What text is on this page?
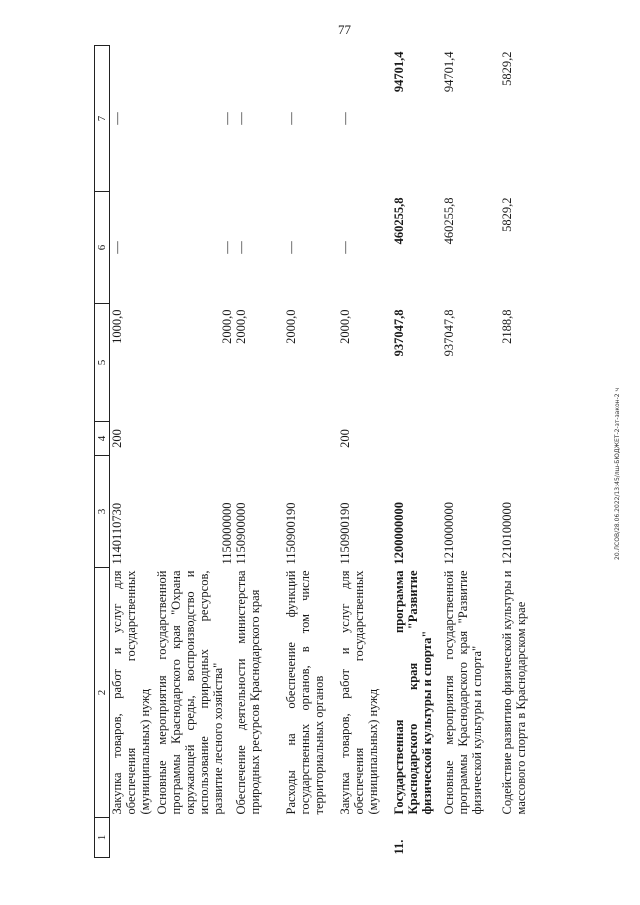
77
1	2	3	4	5	6	7
	Закупка товаров, работ и услуг для обеспечения государственных (муниципальных) нужд	1140110730	200	1000,0	—	—
	Основные мероприятия государственной программы Краснодарского края "Охрана окружающей среды, воспроизводство и использование природных ресурсов, развитие лесного хозяйства"	1150000000		2000,0	—	—
	Обеспечение деятельности министерства природных ресурсов Краснодарского края	1150900000		2000,0	—	—
	Расходы на обеспечение функций государственных органов, в том числе территориальных органов	1150900190		2000,0	—	—
	Закупка товаров, работ и услуг для обеспечения государственных (муниципальных) нужд	1150900190	200	2000,0	—	—
11.	Государственная программа Краснодарского края "Развитие физической культуры и спорта"	1200000000		937047,8	460255,8	94701,4
	Основные мероприятия государственной программы Краснодарского края "Развитие физической культуры и спорта"	1210000000		937047,8	460255,8	94701,4
	Содействие развитию физической культуры и массового спорта в Краснодарском крае	1210100000		2188,8	5829,2	5829,2
20.ЛСОВ/28.06.2022/13:45/лш-БЮДЖЕТ-2-зт-закон-2 ч
